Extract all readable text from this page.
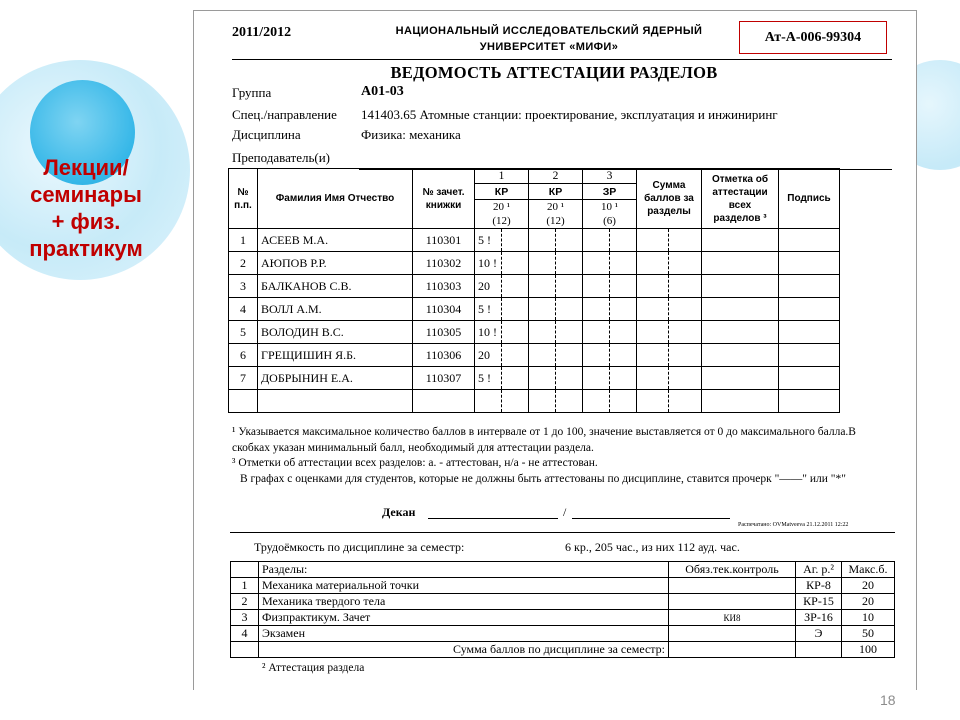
Лекции/
семинары
+ физ.
практикум
2011/2012	НАЦИОНАЛЬНЫЙ ИССЛЕДОВАТЕЛЬСКИЙ ЯДЕРНЫЙ
УНИВЕРСИТЕТ «МИФИ»
Ат-А-006-99304
ВЕДОМОСТЬ АТТЕСТАЦИИ РАЗДЕЛОВ
Группа	А01-03
Спец./направление 141403.65 Атомные станции: проектирование, эксплуатация и инжиниринг
Дисциплина	Физика: механика
Преподаватель(и)
№ п.п.	Фамилия Имя Отчество	№ зачет. книжки	1		2		3		Сумма баллов за разделы		Отметка об аттестации всех разделов ³	Подпись
			КР		КР		ЗР					
			20 ¹		20 ¹		10 ¹					
			(12)		(12)		(6)					
1	АСЕЕВ М.А.	110301	5 !									
2	АЮПОВ Р.Р.	110302	10 !									
3	БАЛКАНОВ С.В.	110303	20									
4	ВОЛЛ А.М.	110304	5 !									
5	ВОЛОДИН В.С.	110305	10 !									
6	ГРЕЩИШИН Я.Б.	110306	20									
7	ДОБРЫНИН Е.А.	110307	5 !									

¹ Указывается максимальное количество баллов в интервале от 1 до 100, значение выставляется от 0 до максимального балла.В скобках указан минимальный балл, необходимый для аттестации раздела.

³ Отметки об аттестации всех разделов: а. - аттестован, н/а - не аттестован.

В графах с оценками для студентов, которые не должны быть аттестованы по дисциплине, ставится прочерк "——" или "*"

Декан	/
Распечатано: OVMatveeva 21.12.2011 12:22
Трудоёмкость по дисциплине за семестр:	6 кр., 205 час., из них 112 ауд. час.
	Разделы:	Обяз.тек.контроль	Аг. р.²	Макс.б.
1	Механика материальной точки		КР-8	20
2	Механика твердого тела		КР-15	20
3	Физпрактикум. Зачет	КИ8	ЗР-16	10
4	Экзамен		Э	50
	Сумма баллов по дисциплине за семестр:			100
² Аттестация раздела
18
